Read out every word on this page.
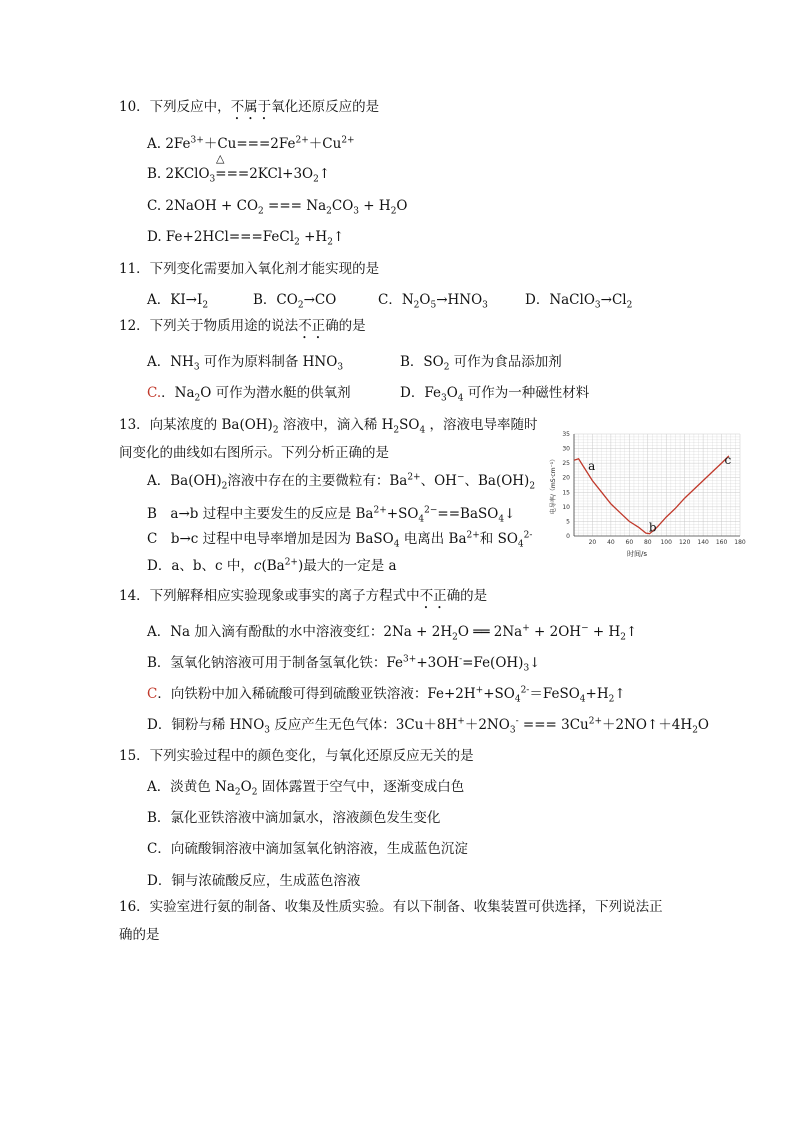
10．下列反应中，不属于氧化还原反应的是
A. $2Fe^{3+}+Cu===2Fe^{2+}+Cu^{2+}$
△
B. $2KClO_3===2KCl+3O_2↑$
C. 2NaOH + $CO_2$ === $Na_2CO_3 + H_2O$
D. Fe+2HCl===FeCl$_2$ $+H_2↑$
11．下列变化需要加入氧化剂才能实现的是
A．$KI\to I_2$	B．$CO_2\to CO$	C．$N_2O_5\to HNO_3$	D．$NaClO_3\to Cl_2$
12．下列关于物质用途的说法不正确的是
A．$NH_3$ 可作为原料制备 $HNO_3$	B．$SO_2$ 可作为食品添加剂
C.．$Na_2O$ 可作为潜水艇的供氧剂	D．$Fe_3O_4$ 可作为一种磁性材料
13．向某浓度的 $Ba(OH)_2$ 溶液中，滴入稀 $H_2SO_4$ ，溶液电导率随时
间变化的曲线如右图所示。下列分析正确的是
A．$Ba(OH)_2$溶液中存在的主要微粒有：$Ba^{2+}$、OH−、$Ba(OH)_2$
B　a→b 过程中主要发生的反应是 $Ba^{2+}+SO_4^{2-}==BaSO_4↓$
C　b→c 过程中电导率增加是因为 BaSO$_4$ 电离出 $Ba^{2+}$和 $SO_4^{2-}$
D．a、b、c 中，$c(Ba^{2+})$最大的一定是 a
0
5
10
15
20
25
30
35
20 40 60 80 100 120 140 160 180
a
b
c
电导率/（mS·cm⁻¹）
时间/s
14．下列解释相应实验现象或事实的离子方程式中不正确的是
A．Na 加入滴有酚酞的水中溶液变红：$2Na + 2H_2O$ ══ $2Na^+ + 2OH^- + H_2↑$
B．氢氧化钠溶液可用于制备氢氧化铁：$Fe^{3+}+3OH^-=Fe(OH)_3↓$
C．向铁粉中加入稀硫酸可得到硫酸亚铁溶液：$Fe+2H^++SO_4^{2-}=FeSO_4+H_2↑$
D．铜粉与稀 $HNO_3$ 反应产生无色气体：$3Cu+8H^++2NO_3^-$ === $3Cu^{2+}+2NO↑+4H_2O$
15．下列实验过程中的颜色变化，与氧化还原反应无关的是
A．淡黄色 $Na_2O_2$ 固体露置于空气中，逐渐变成白色
B．氯化亚铁溶液中滴加氯水，溶液颜色发生变化
C．向硫酸铜溶液中滴加氢氧化钠溶液，生成蓝色沉淀
D．铜与浓硫酸反应，生成蓝色溶液
16．实验室进行氨的制备、收集及性质实验。有以下制备、收集装置可供选择，下列说法正
确的是
